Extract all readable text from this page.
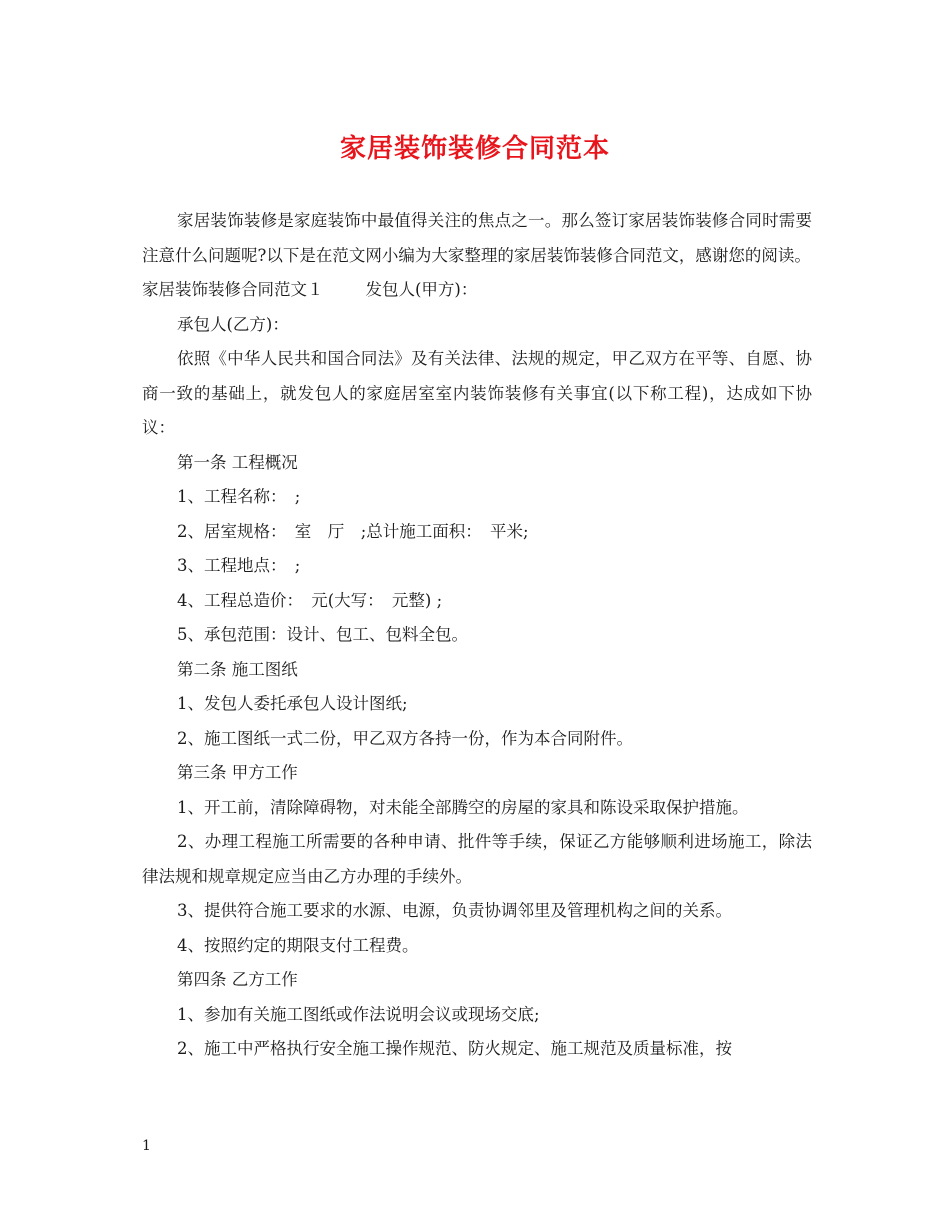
家居装饰装修合同范本

家居装饰装修是家庭装饰中最值得关注的焦点之一。那么签订家居装饰装修合同时需要注意什么问题呢?以下是在范文网小编为大家整理的家居装饰装修合同范文，感谢您的阅读。

家居装饰装修合同范文１	发包人(甲方)：

承包人(乙方)：

依照《中华人民共和国合同法》及有关法律、法规的规定，甲乙双方在平等、自愿、协商一致的基础上，就发包人的家庭居室室内装饰装修有关事宜(以下称工程)，达成如下协议：

第一条 工程概况

1、工程名称：　;

2、居室规格：　室　厅　;总计施工面积：　平米;

3、工程地点：　;

4、工程总造价：　元(大写：　元整) ;

5、承包范围：设计、包工、包料全包。

第二条 施工图纸

1、发包人委托承包人设计图纸;

2、施工图纸一式二份，甲乙双方各持一份，作为本合同附件。

第三条 甲方工作

1、开工前，清除障碍物，对未能全部腾空的房屋的家具和陈设采取保护措施。

2、办理工程施工所需要的各种申请、批件等手续，保证乙方能够顺利进场施工，除法律法规和规章规定应当由乙方办理的手续外。

3、提供符合施工要求的水源、电源，负责协调邻里及管理机构之间的关系。

4、按照约定的期限支付工程费。

第四条 乙方工作

1、参加有关施工图纸或作法说明会议或现场交底;

2、施工中严格执行安全施工操作规范、防火规定、施工规范及质量标准，按

1
